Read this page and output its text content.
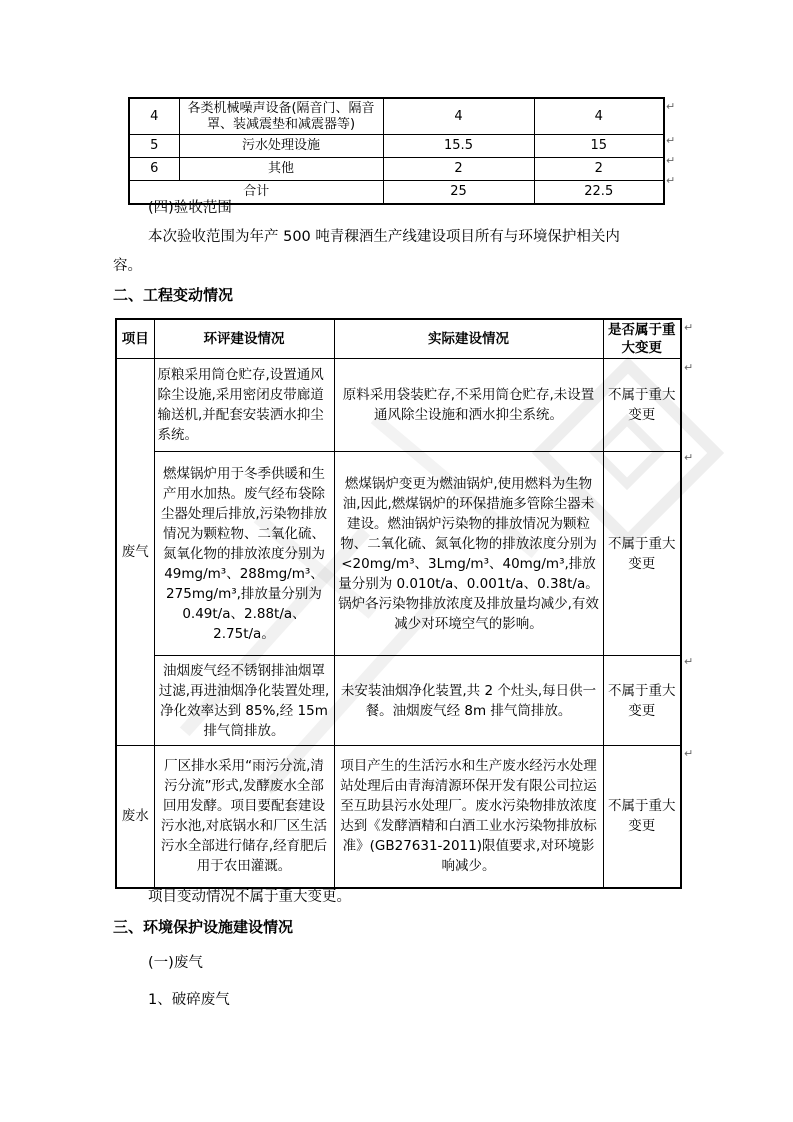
4	各类机械噪声设备(隔音门、隔音罩、装减震垫和减震器等)	4	4
5	污水处理设施	15.5	15
6	其他	2	2
合计		25	22.5
(四)验收范围
本次验收范围为年产 500 吨青稞酒生产线建设项目所有与环境保护相关内
容。
二、工程变动情况
项目	环评建设情况	实际建设情况	是否属于重大变更
废气	原粮采用筒仓贮存,设置通风除尘设施,采用密闭皮带廊道输送机,并配套安装洒水抑尘系统。	原料采用袋装贮存,不采用筒仓贮存,未设置通风除尘设施和洒水抑尘系统。	不属于重大变更
	燃煤锅炉用于冬季供暖和生产用水加热。废气经布袋除尘器处理后排放,污染物排放情况为颗粒物、二氧化硫、氮氧化物的排放浓度分别为 49mg/m³、288mg/m³、275mg/m³,排放量分别为 0.49t/a、2.88t/a、2.75t/a。	燃煤锅炉变更为燃油锅炉,使用燃料为生物油,因此,燃煤锅炉的环保措施多管除尘器未建设。燃油锅炉污染物的排放情况为颗粒物、二氧化硫、氮氧化物的排放浓度分别为<20mg/m³、3Lmg/m³、40mg/m³,排放量分别为 0.010t/a、0.001t/a、0.38t/a。锅炉各污染物排放浓度及排放量均减少,有效减少对环境空气的影响。	不属于重大变更
	油烟废气经不锈钢排油烟罩过滤,再进油烟净化装置处理,净化效率达到 85%,经 15m 排气筒排放。	未安装油烟净化装置,共 2 个灶头,每日供一餐。油烟废气经 8m 排气筒排放。	不属于重大变更
废水	厂区排水采用“雨污分流,清污分流”形式,发酵废水全部回用发酵。项目要配套建设污水池,对底锅水和厂区生活污水全部进行储存,经育肥后用于农田灌溉。	项目产生的生活污水和生产废水经污水处理站处理后由青海清源环保开发有限公司拉运至互助县污水处理厂。废水污染物排放浓度达到《发酵酒精和白酒工业水污染物排放标准》(GB27631-2011)限值要求,对环境影响减少。	不属于重大变更
项目变动情况不属于重大变更。
三、环境保护设施建设情况
(一)废气
1、破碎废气
↵
↵
↵
↵
↵
↵
↵
↵
↵
